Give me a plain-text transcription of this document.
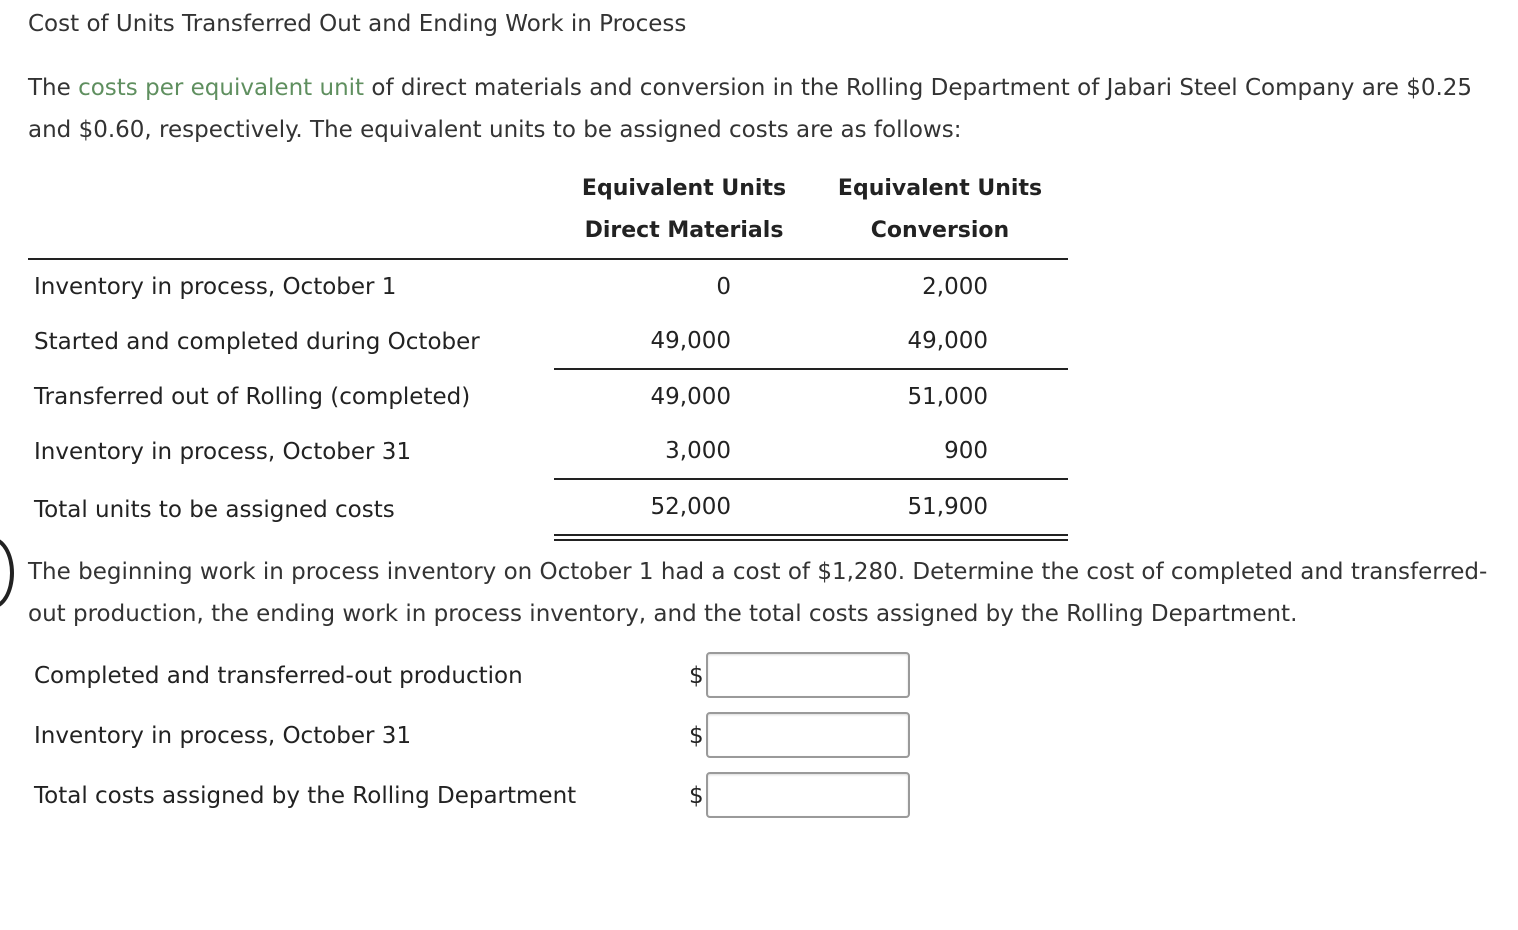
Cost of Units Transferred Out and Ending Work in Process
The costs per equivalent unit of direct materials and conversion in the Rolling Department of Jabari Steel Company are $0.25 and $0.60, respectively. The equivalent units to be assigned costs are as follows:
Equivalent Units
Direct Materials
Equivalent Units
Conversion
Inventory in process, October 1	0	2,000
Started and completed during October	49,000	49,000
Transferred out of Rolling (completed)	49,000	51,000
Inventory in process, October 31	3,000	900
Total units to be assigned costs	52,000	51,900
The beginning work in process inventory on October 1 had a cost of $1,280. Determine the cost of completed and transferred-out production, the ending work in process inventory, and the total costs assigned by the Rolling Department.
Completed and transferred-out production	$
Inventory in process, October 31	$
Total costs assigned by the Rolling Department	$
